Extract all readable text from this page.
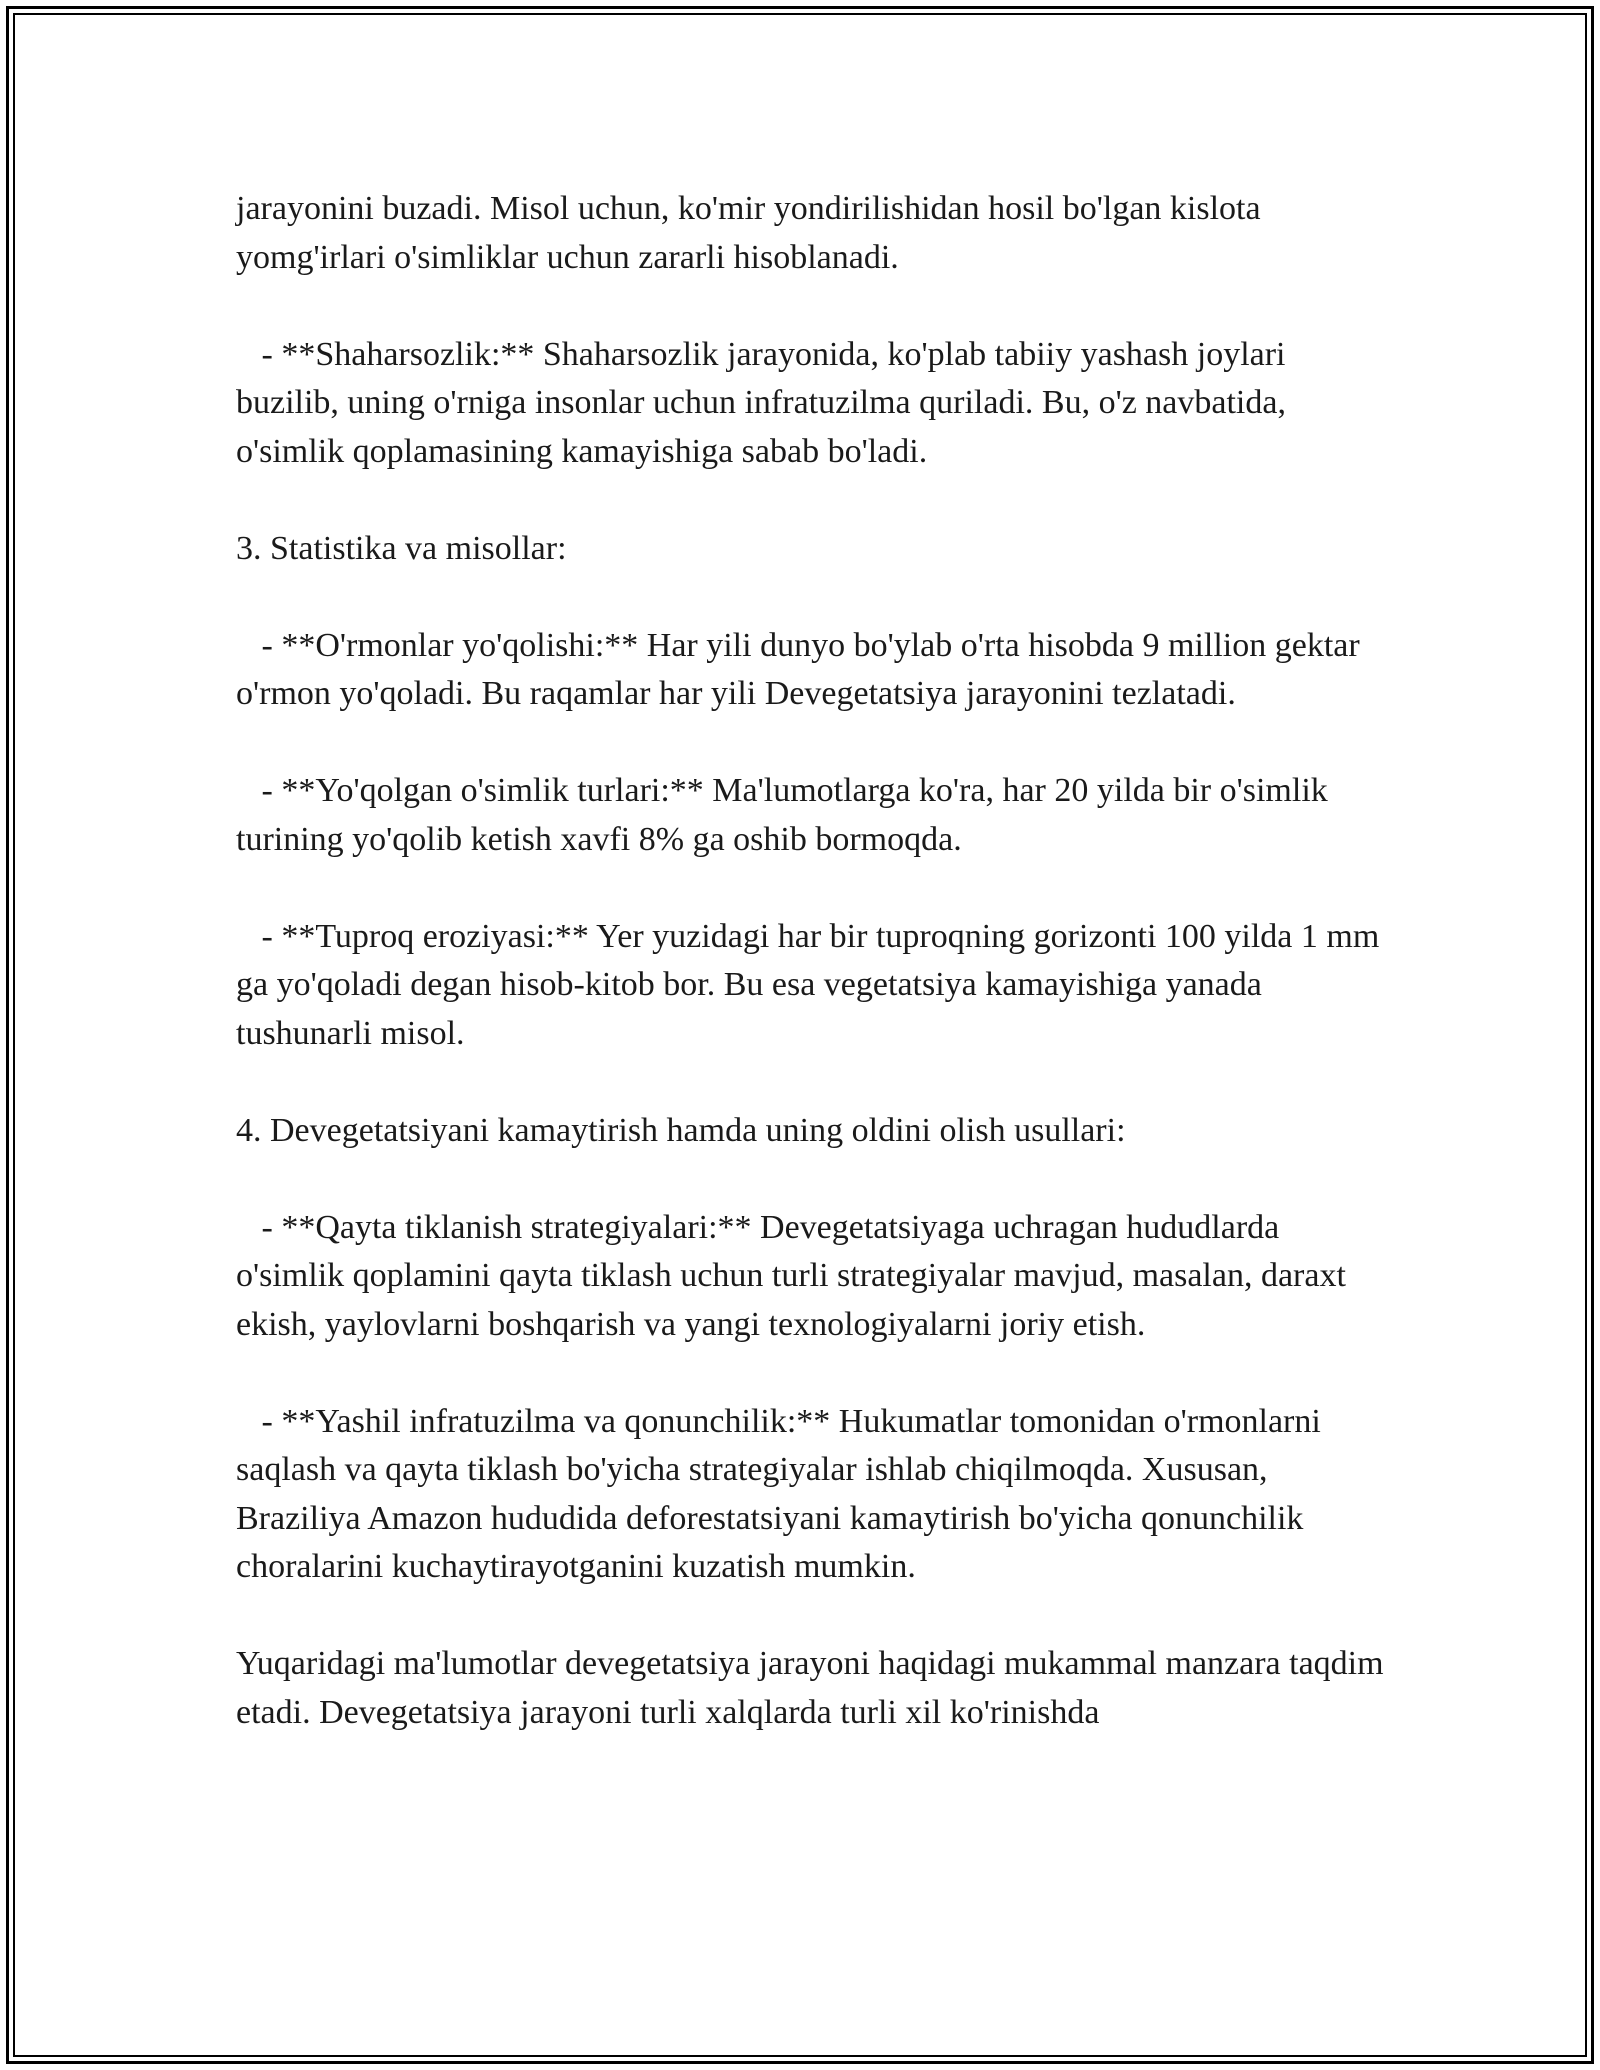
jarayonini buzadi. Misol uchun, ko'mir yondirilishidan hosil bo'lgan kislota yomg'irlari o'simliklar uchun zararli hisoblanadi.

- **Shaharsozlik:** Shaharsozlik jarayonida, ko'plab tabiiy yashash joylari buzilib, uning o'rniga insonlar uchun infratuzilma quriladi. Bu, o'z navbatida, o'simlik qoplamasining kamayishiga sabab bo'ladi.

3. Statistika va misollar:

- **O'rmonlar yo'qolishi:** Har yili dunyo bo'ylab o'rta hisobda 9 million gektar o'rmon yo'qoladi. Bu raqamlar har yili Devegetatsiya jarayonini tezlatadi.

- **Yo'qolgan o'simlik turlari:** Ma'lumotlarga ko'ra, har 20 yilda bir o'simlik turining yo'qolib ketish xavfi 8% ga oshib bormoqda.

- **Tuproq eroziyasi:** Yer yuzidagi har bir tuproqning gorizonti 100 yilda 1 mm ga yo'qoladi degan hisob-kitob bor. Bu esa vegetatsiya kamayishiga yanada tushunarli misol.

4. Devegetatsiyani kamaytirish hamda uning oldini olish usullari:

- **Qayta tiklanish strategiyalari:** Devegetatsiyaga uchragan hududlarda o'simlik qoplamini qayta tiklash uchun turli strategiyalar mavjud, masalan, daraxt ekish, yaylovlarni boshqarish va yangi texnologiyalarni joriy etish.

- **Yashil infratuzilma va qonunchilik:** Hukumatlar tomonidan o'rmonlarni saqlash va qayta tiklash bo'yicha strategiyalar ishlab chiqilmoqda. Xususan, Braziliya Amazon hududida deforestatsiyani kamaytirish bo'yicha qonunchilik choralarini kuchaytirayotganini kuzatish mumkin.

Yuqaridagi ma'lumotlar devegetatsiya jarayoni haqidagi mukammal manzara taqdim etadi. Devegetatsiya jarayoni turli xalqlarda turli xil ko'rinishda
